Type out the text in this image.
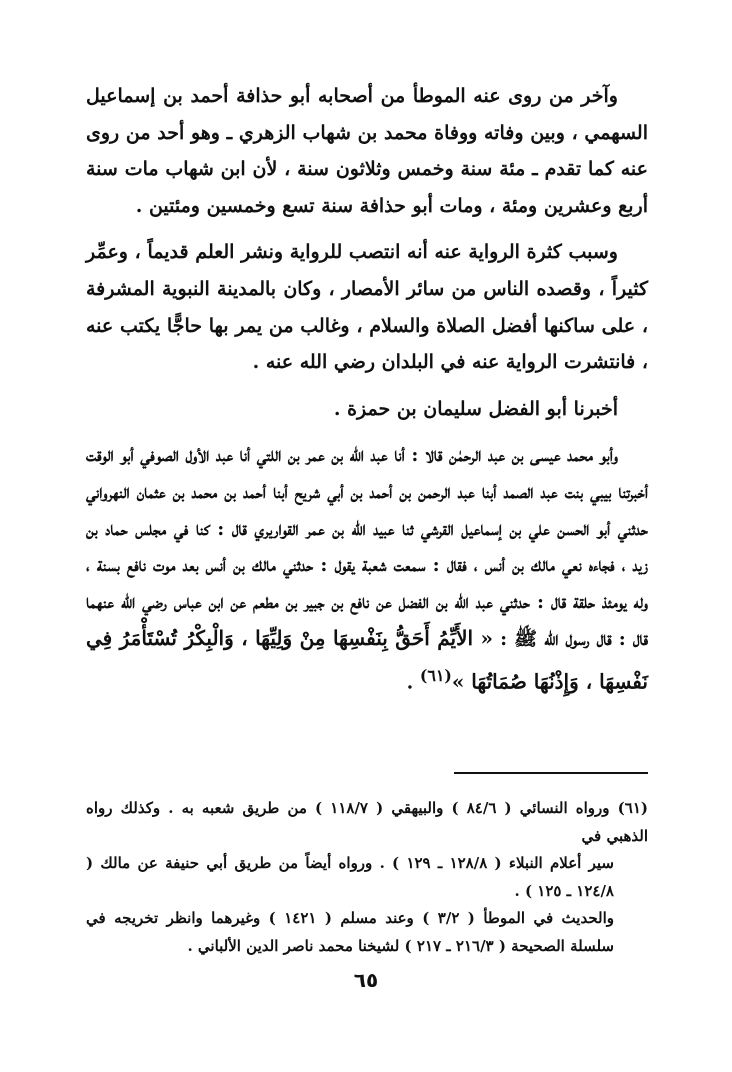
وآخر من روى عنه الموطأ من أصحابه أبو حذافة أحمد بن إسماعيل السهمي ، وبين وفاته ووفاة محمد بن شهاب الزهري ـ وهو أحد من روى عنه كما تقدم ـ مئة سنة وخمس وثلاثون سنة ، لأن ابن شهاب مات سنة أربع وعشرين ومئة ، ومات أبو حذافة سنة تسع وخمسين ومئتين .

وسبب كثرة الرواية عنه أنه انتصب للرواية ونشر العلم قديماً ، وعمِّر كثيراً ، وقصده الناس من سائر الأمصار ، وكان بالمدينة النبوية المشرفة ، على ساكنها أفضل الصلاة والسلام ، وغالب من يمر بها حاجًّا يكتب عنه ، فانتشرت الرواية عنه في البلدان رضي الله عنه .

أخبرنا أبو الفضل سليمان بن حمزة .

وأبو محمد عيسى بن عبد الرحمٰن قالا : أنا عبد الله بن عمر بن اللتي أنا عبد الأول الصوفي أبو الوقت أخبرتنا بيبي بنت عبد الصمد أبنا عبد الرحمن بن أحمد بن أبي شريح أبنا أحمد بن محمد بن عثمان النهرواني حدثني أبو الحسن علي بن إسماعيل القرشي ثنا عبيد الله بن عمر القواريري قال : كنا في مجلس حماد بن زيد ، فجاءه نعي مالك بن أنس ، فقال : سمعت شعبة يقول : حدثني مالك بن أنس بعد موت نافع بسنة ، وله يومئذ حلقة قال : حدثني عبد الله بن الفضل عن نافع بن جبير بن مطعم عن ابن عباس رضي الله عنهما قال : قال رسول الله ﷺ : « الأَيِّمُ أَحَقُّ بِنَفْسِهَا مِنْ وَلِيِّهَا ، وَالْبِكْرُ تُسْتَأْمَرُ فِي نَفْسِهَا ، وَإِذْنُهَا صُمَاتُهَا »$^{(٦١)}$ .

(٦١) ورواه النسائي ( ٨٤/٦ ) والبيهقي ( ١١٨/٧ ) من طريق شعبه به . وكذلك رواه الذهبي في

سير أعلام النبلاء ( ١٢٨/٨ ـ ١٢٩ ) . ورواه أيضاً من طريق أبي حنيفة عن مالك ( ١٢٤/٨ ـ ١٢٥ ) .

والحديث في الموطأ ( ٣/٢ ) وعند مسلم ( ١٤٢١ ) وغيرهما وانظر تخريجه في سلسلة الصحيحة ( ٢١٦/٣ ـ ٢١٧ ) لشيخنا محمد ناصر الدين الألباني .

٦٥
